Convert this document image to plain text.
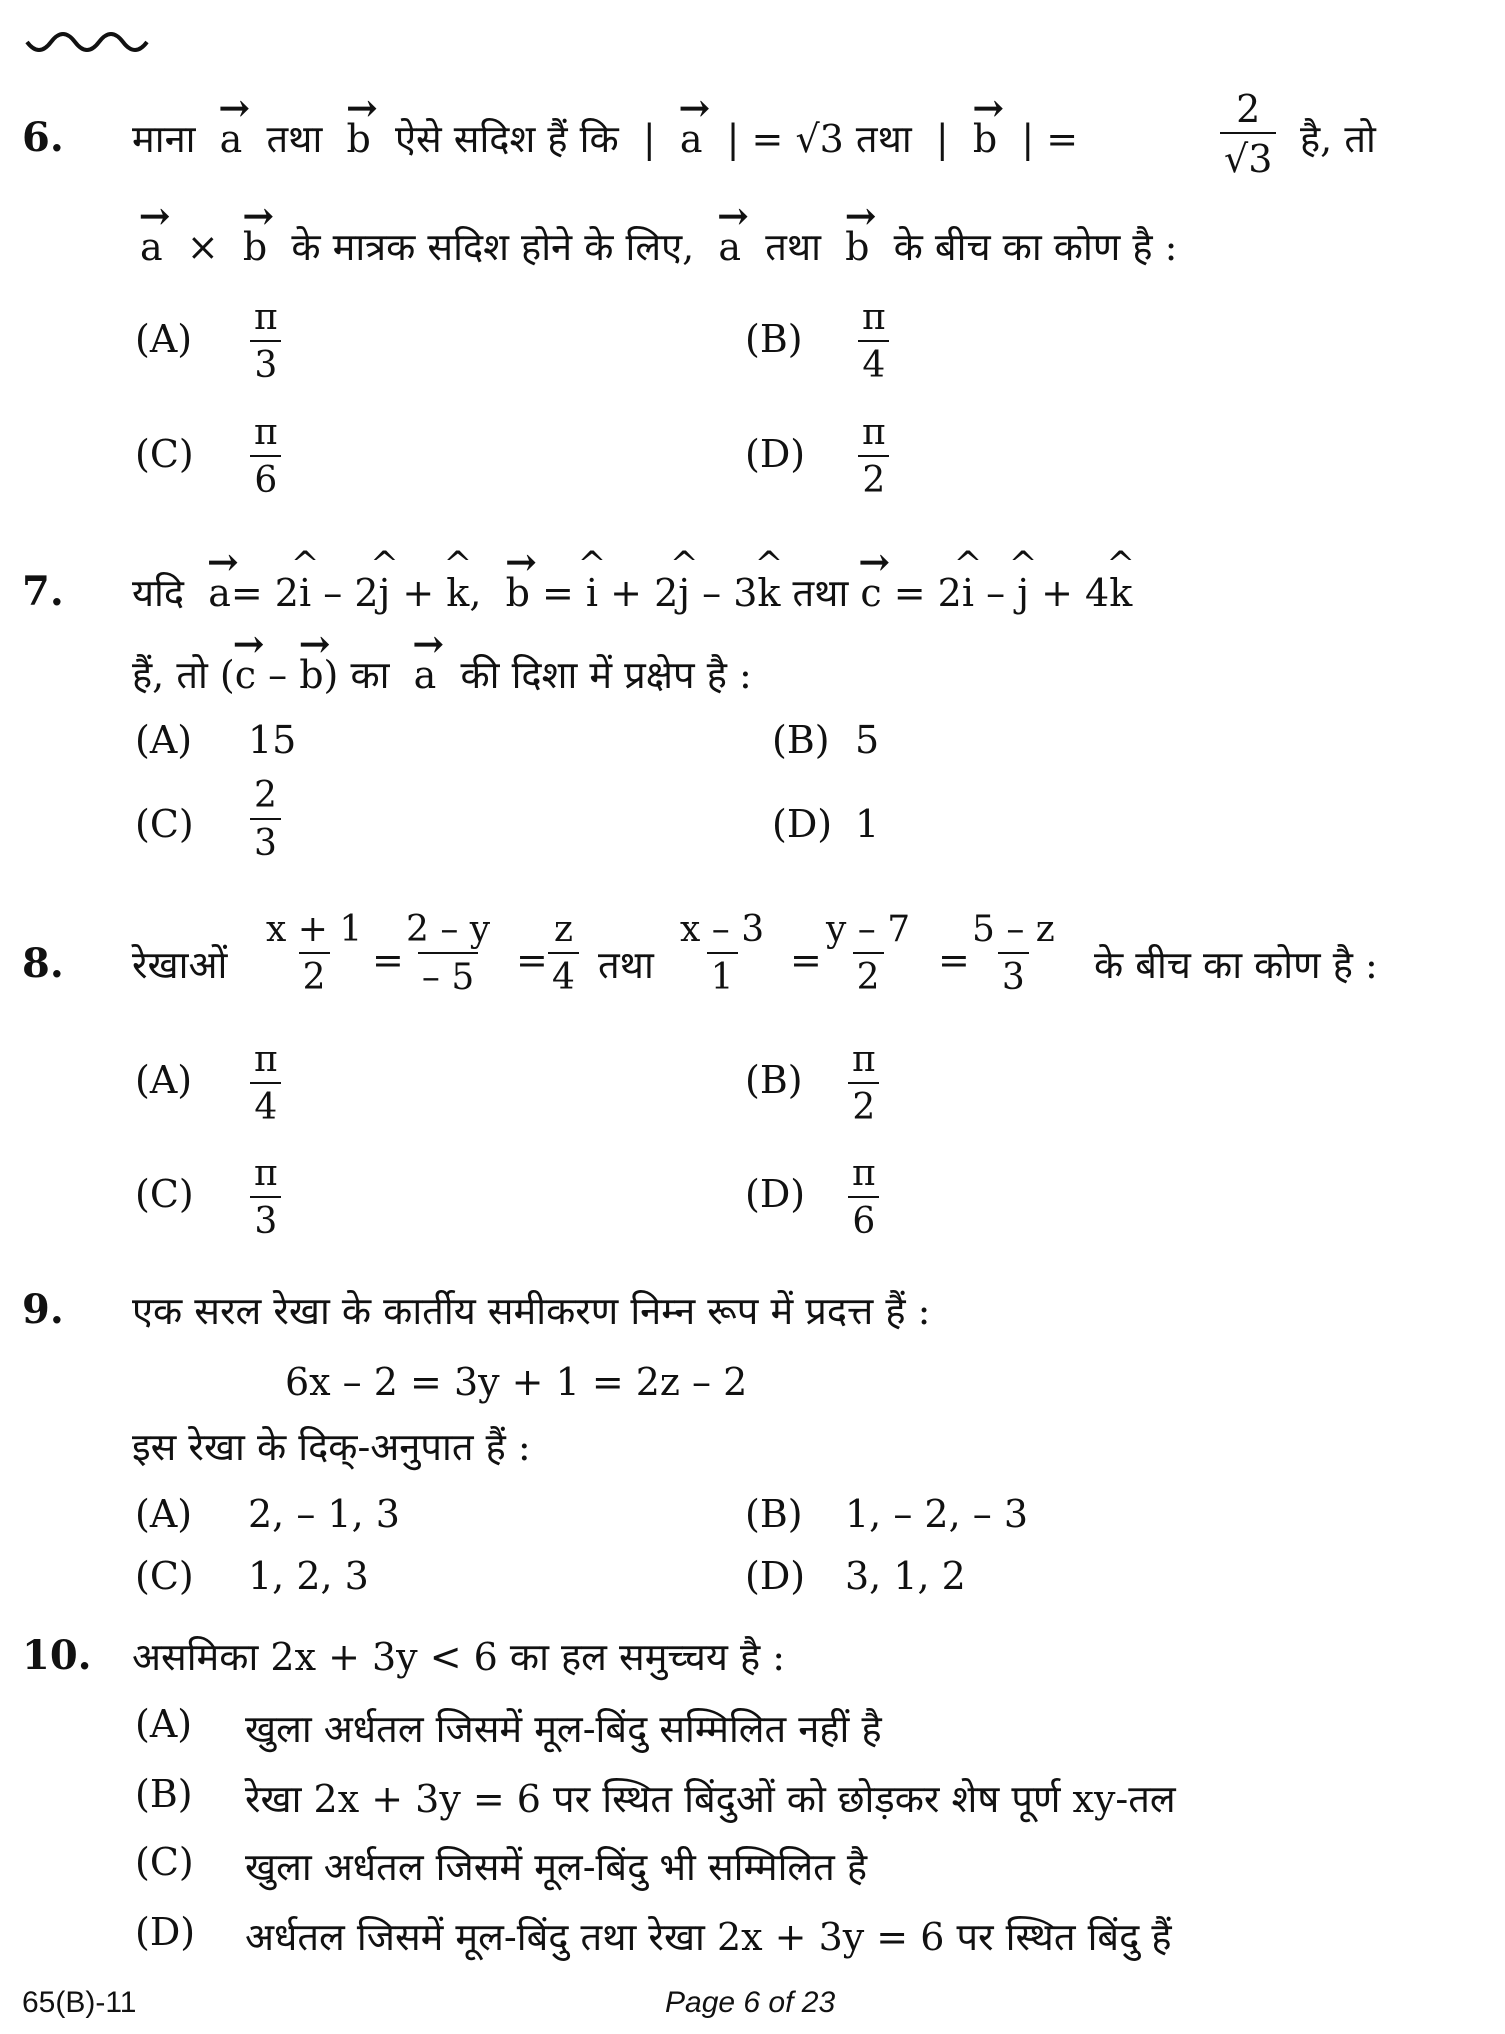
6. माना → a तथा → b ऐसे सदिश हैं कि | → a | = √3 तथा | → b | =	$\frac{2}{√3}$ है, तो
→ a × → b के मात्रक सदिश होने के लिए, → a तथा → b के बीच का कोण है :
$(A) \frac{\pi}{3}$	$(B) \frac{\pi}{4}$
$(C) \frac{\pi}{6}$	$(D) \frac{\pi}{2}$
7. यदि → a= 2^ i – 2^ j + ^ k, → b = ^ i + 2^ j – 3^ k तथा → c = 2^ i – ^ j + 4^ k
हैं, तो (→ c – → b) का → a की दिशा में प्रक्षेप है :
(A) 15	(B) 5
$(C) \frac{2}{3}$	(D) 1
8. रेखाओं $\frac{x + 1}{2}$ =
$\frac{2 - y}{- 5} = \frac{z}{4}$ तथा $\frac{x - 3}{1} = \frac{y - 7}{2}$ =
$\frac{5 - z}{3}$ के बीच का कोण है :
$(A) \frac{\pi}{4}$	$(B) \frac{\pi}{2}$
$(C) \frac{\pi}{3}$	$(D) \frac{\pi}{6}$
9. एक सरल रेखा के कार्तीय समीकरण निम्न रूप में प्रदत्त हैं :
6x – 2 = 3y + 1 = 2z – 2
इस रेखा के दिक्-अनुपात हैं :
(A) 2, – 1, 3	(B) 1, – 2, – 3
(C) 1, 2, 3	(D) 3, 1, 2
10. असमिका 2x + 3y < 6 का हल समुच्चय है :
(A) खुला अर्धतल जिसमें मूल-बिंदु सम्मिलित नहीं है
(B) रेखा 2x + 3y = 6 पर स्थित बिंदुओं को छोड़कर शेष पूर्ण xy-तल
(C) खुला अर्धतल जिसमें मूल-बिंदु भी सम्मिलित है
(D) अर्धतल जिसमें मूल-बिंदु तथा रेखा 2x + 3y = 6 पर स्थित बिंदु हैं
65(B)-11	Page 6 of 23
